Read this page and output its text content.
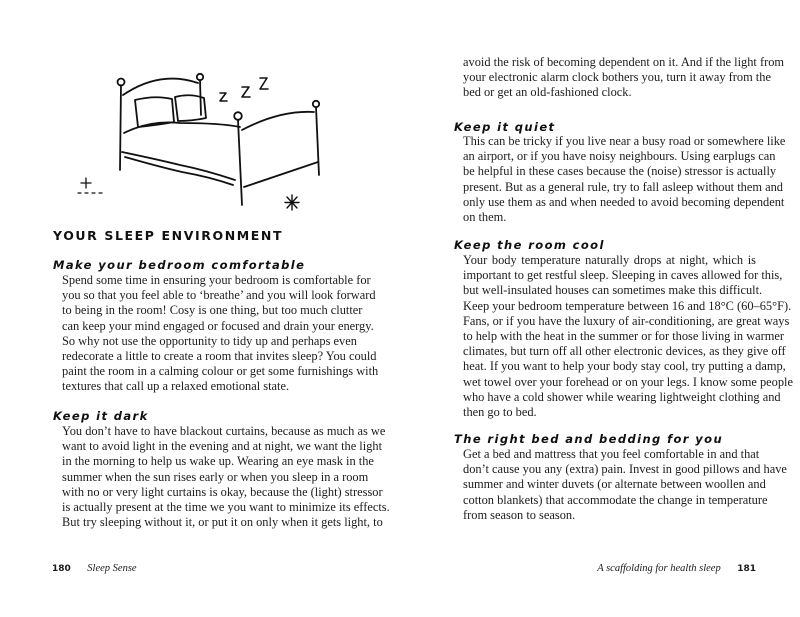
YOUR SLEEP ENVIRONMENT
Make your bedroom comfortable
Spend some time in ensuring your bedroom is comfortable for
you so that you feel able to ‘breathe’ and you will look forward
to being in the room! Cosy is one thing, but too much clutter
can keep your mind engaged or focused and drain your energy.
So why not use the opportunity to tidy up and perhaps even
redecorate a little to create a room that invites sleep? You could
paint the room in a calming colour or get some furnishings with
textures that call up a relaxed emotional state.
Keep it dark
You don’t have to have blackout curtains, because as much as we
want to avoid light in the evening and at night, we want the light
in the morning to help us wake up. Wearing an eye mask in the
summer when the sun rises early or when you sleep in a room
with no or very light curtains is okay, because the (light) stressor
is actually present at the time we you want to minimize its effects.
But try sleeping without it, or put it on only when it gets light, to
180 Sleep Sense
avoid the risk of becoming dependent on it. And if the light from
your electronic alarm clock bothers you, turn it away from the
bed or get an old-fashioned clock.
Keep it quiet
This can be tricky if you live near a busy road or somewhere like
an airport, or if you have noisy neighbours. Using earplugs can
be helpful in these cases because the (noise) stressor is actually
present. But as a general rule, try to fall asleep without them and
only use them as and when needed to avoid becoming dependent
on them.
Keep the room cool
Your body temperature naturally drops at night, which is
important to get restful sleep. Sleeping in caves allowed for this,
but well-insulated houses can sometimes make this difficult.
Keep your bedroom temperature between 16 and 18°C (60–65°F).
Fans, or if you have the luxury of air-conditioning, are great ways
to help with the heat in the summer or for those living in warmer
climates, but turn off all other electronic devices, as they give off
heat. If you want to help your body stay cool, try putting a damp,
wet towel over your forehead or on your legs. I know some people
who have a cold shower while wearing lightweight clothing and
then go to bed.
The right bed and bedding for you
Get a bed and mattress that you feel comfortable in and that
don’t cause you any (extra) pain. Invest in good pillows and have
summer and winter duvets (or alternate between woollen and
cotton blankets) that accommodate the change in temperature
from season to season.
A scaffolding for health sleep 181
